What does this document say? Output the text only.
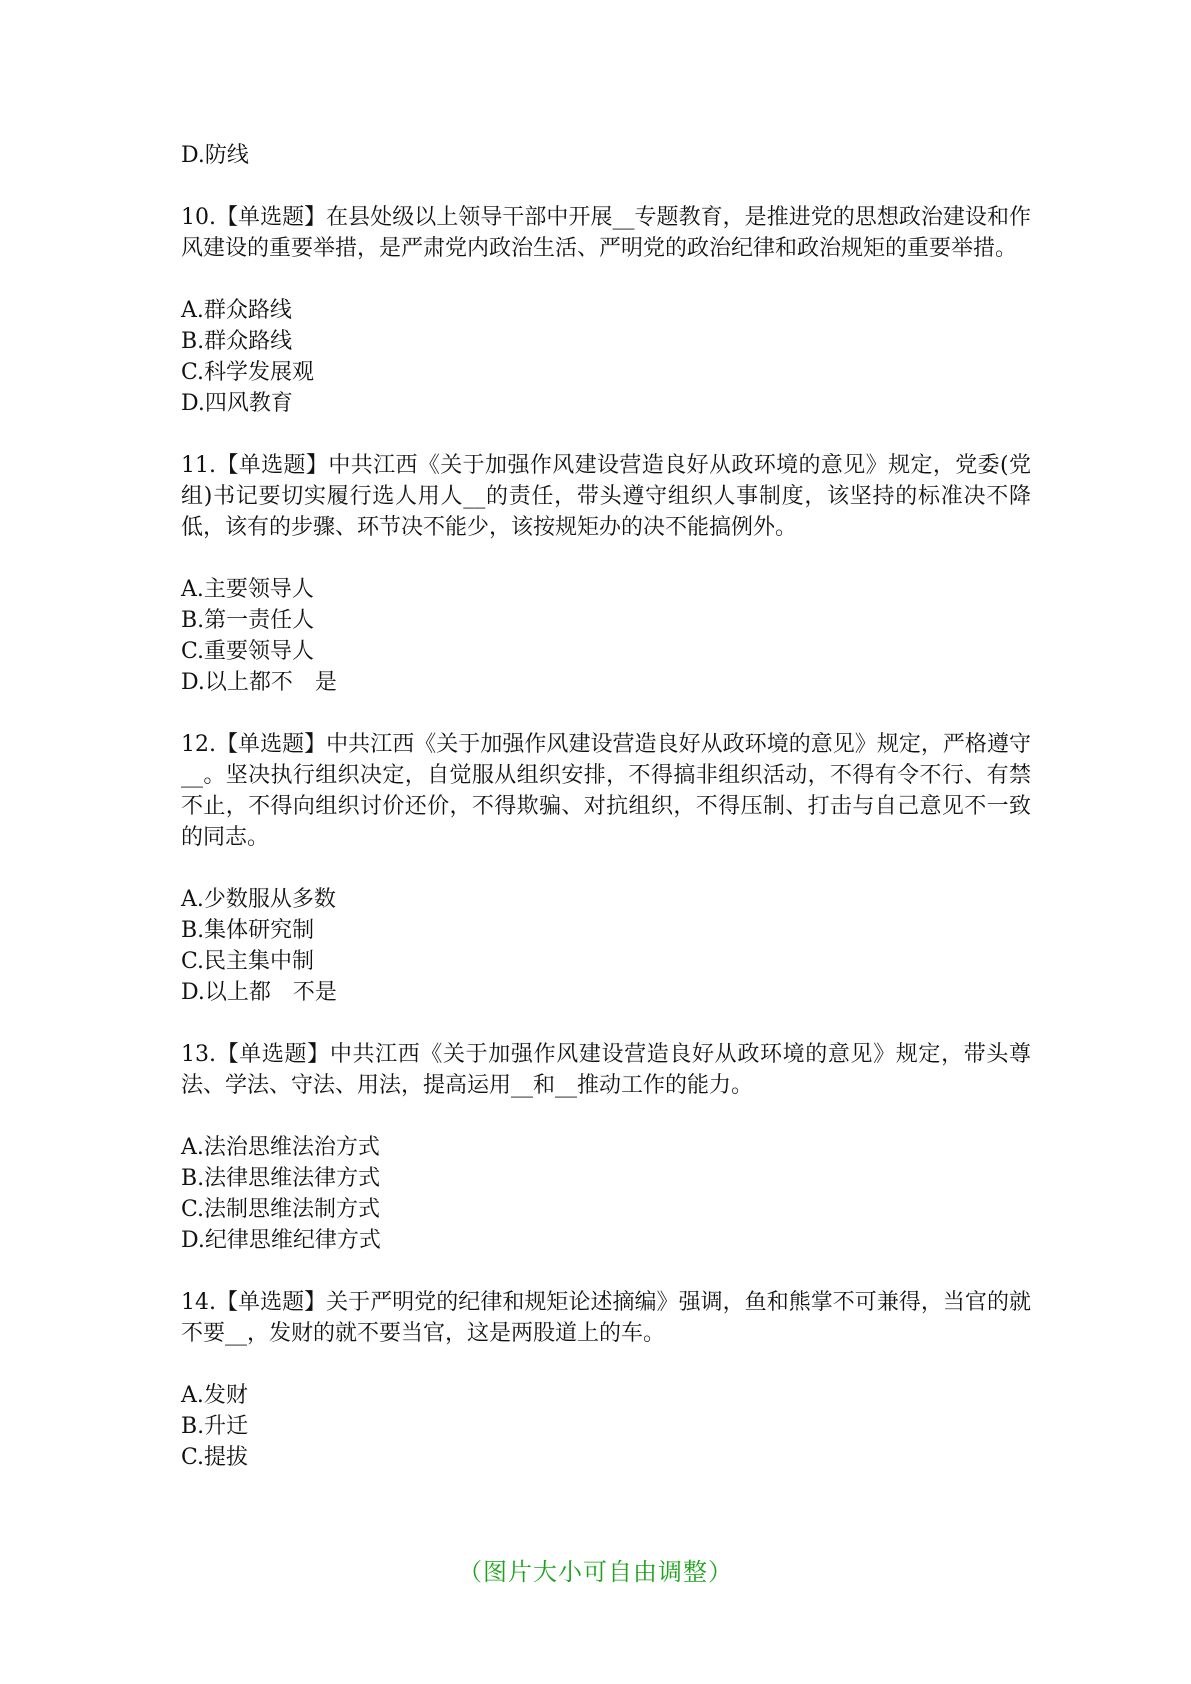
D.防线
10.【单选题】在县处级以上领导干部中开展__专题教育，是推进党的思想政治建设和作风建设的重要举措，是严肃党内政治生活、严明党的政治纪律和政治规矩的重要举措。
A.群众路线
B.群众路线
C.科学发展观
D.四风教育
11.【单选题】中共江西《关于加强作风建设营造良好从政环境的意见》规定，党委(党组)书记要切实履行选人用人__的责任，带头遵守组织人事制度，该坚持的标准决不降低，该有的步骤、环节决不能少，该按规矩办的决不能搞例外。
A.主要领导人
B.第一责任人
C.重要领导人
D.以上都不　是
12.【单选题】中共江西《关于加强作风建设营造良好从政环境的意见》规定，严格遵守__。坚决执行组织决定，自觉服从组织安排，不得搞非组织活动，不得有令不行、有禁不止，不得向组织讨价还价，不得欺骗、对抗组织，不得压制、打击与自己意见不一致的同志。
A.少数服从多数
B.集体研究制
C.民主集中制
D.以上都　不是
13.【单选题】中共江西《关于加强作风建设营造良好从政环境的意见》规定，带头尊法、学法、守法、用法，提高运用__和__推动工作的能力。
A.法治思维法治方式
B.法律思维法律方式
C.法制思维法制方式
D.纪律思维纪律方式
14.【单选题】关于严明党的纪律和规矩论述摘编》强调，鱼和熊掌不可兼得，当官的就不要__，发财的就不要当官，这是两股道上的车。
A.发财
B.升迁
C.提拔
（图片大小可自由调整）
